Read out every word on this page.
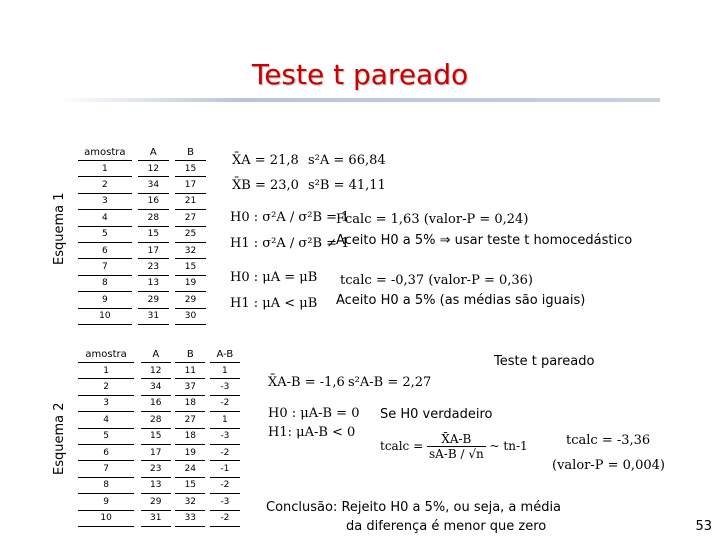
Teste t pareado
Esquema 1
amostra		A		B
1		12		15
2		34		17
3		16		21
4		28		27
5		15		25
6		17		32
7		23		15
8		13		19
9		29		29
10		31		30
X̄A = 21,8 s²A = 66,84
X̄B = 23,0 s²B = 41,11
H0 : σ²A / σ²B = 1
Fcalc = 1,63 (valor-P = 0,24)
H1 : σ²A / σ²B ≠ 1
Aceito H0 a 5% ⇒ usar teste t homocedástico
H0 : μA = μB tcalc = -0,37 (valor-P = 0,36)
H1 : μA < μB Aceito H0 a 5% (as médias são iguais)
Esquema 2
amostra		A		B		A-B
1		12		11		1
2		34		37		-3
3		16		18		-2
4		28		27		1
5		15		18		-3
6		17		19		-2
7		23		24		-1
8		13		15		-2
9		29		32		-3
10		31		33		-2
Teste t pareado
X̄A-B = -1,6 s²A-B = 2,27
H0 : μA-B = 0
H1: μA-B < 0
Se H0 verdadeiro
tcalc = $\frac{X̄A-B}{sA-B / √n}$ ~ tn-1	tcalc = -3,36
(valor-P = 0,004)
Conclusão: Rejeito H0 a 5%, ou seja, a média
da diferença é menor que zero	53
